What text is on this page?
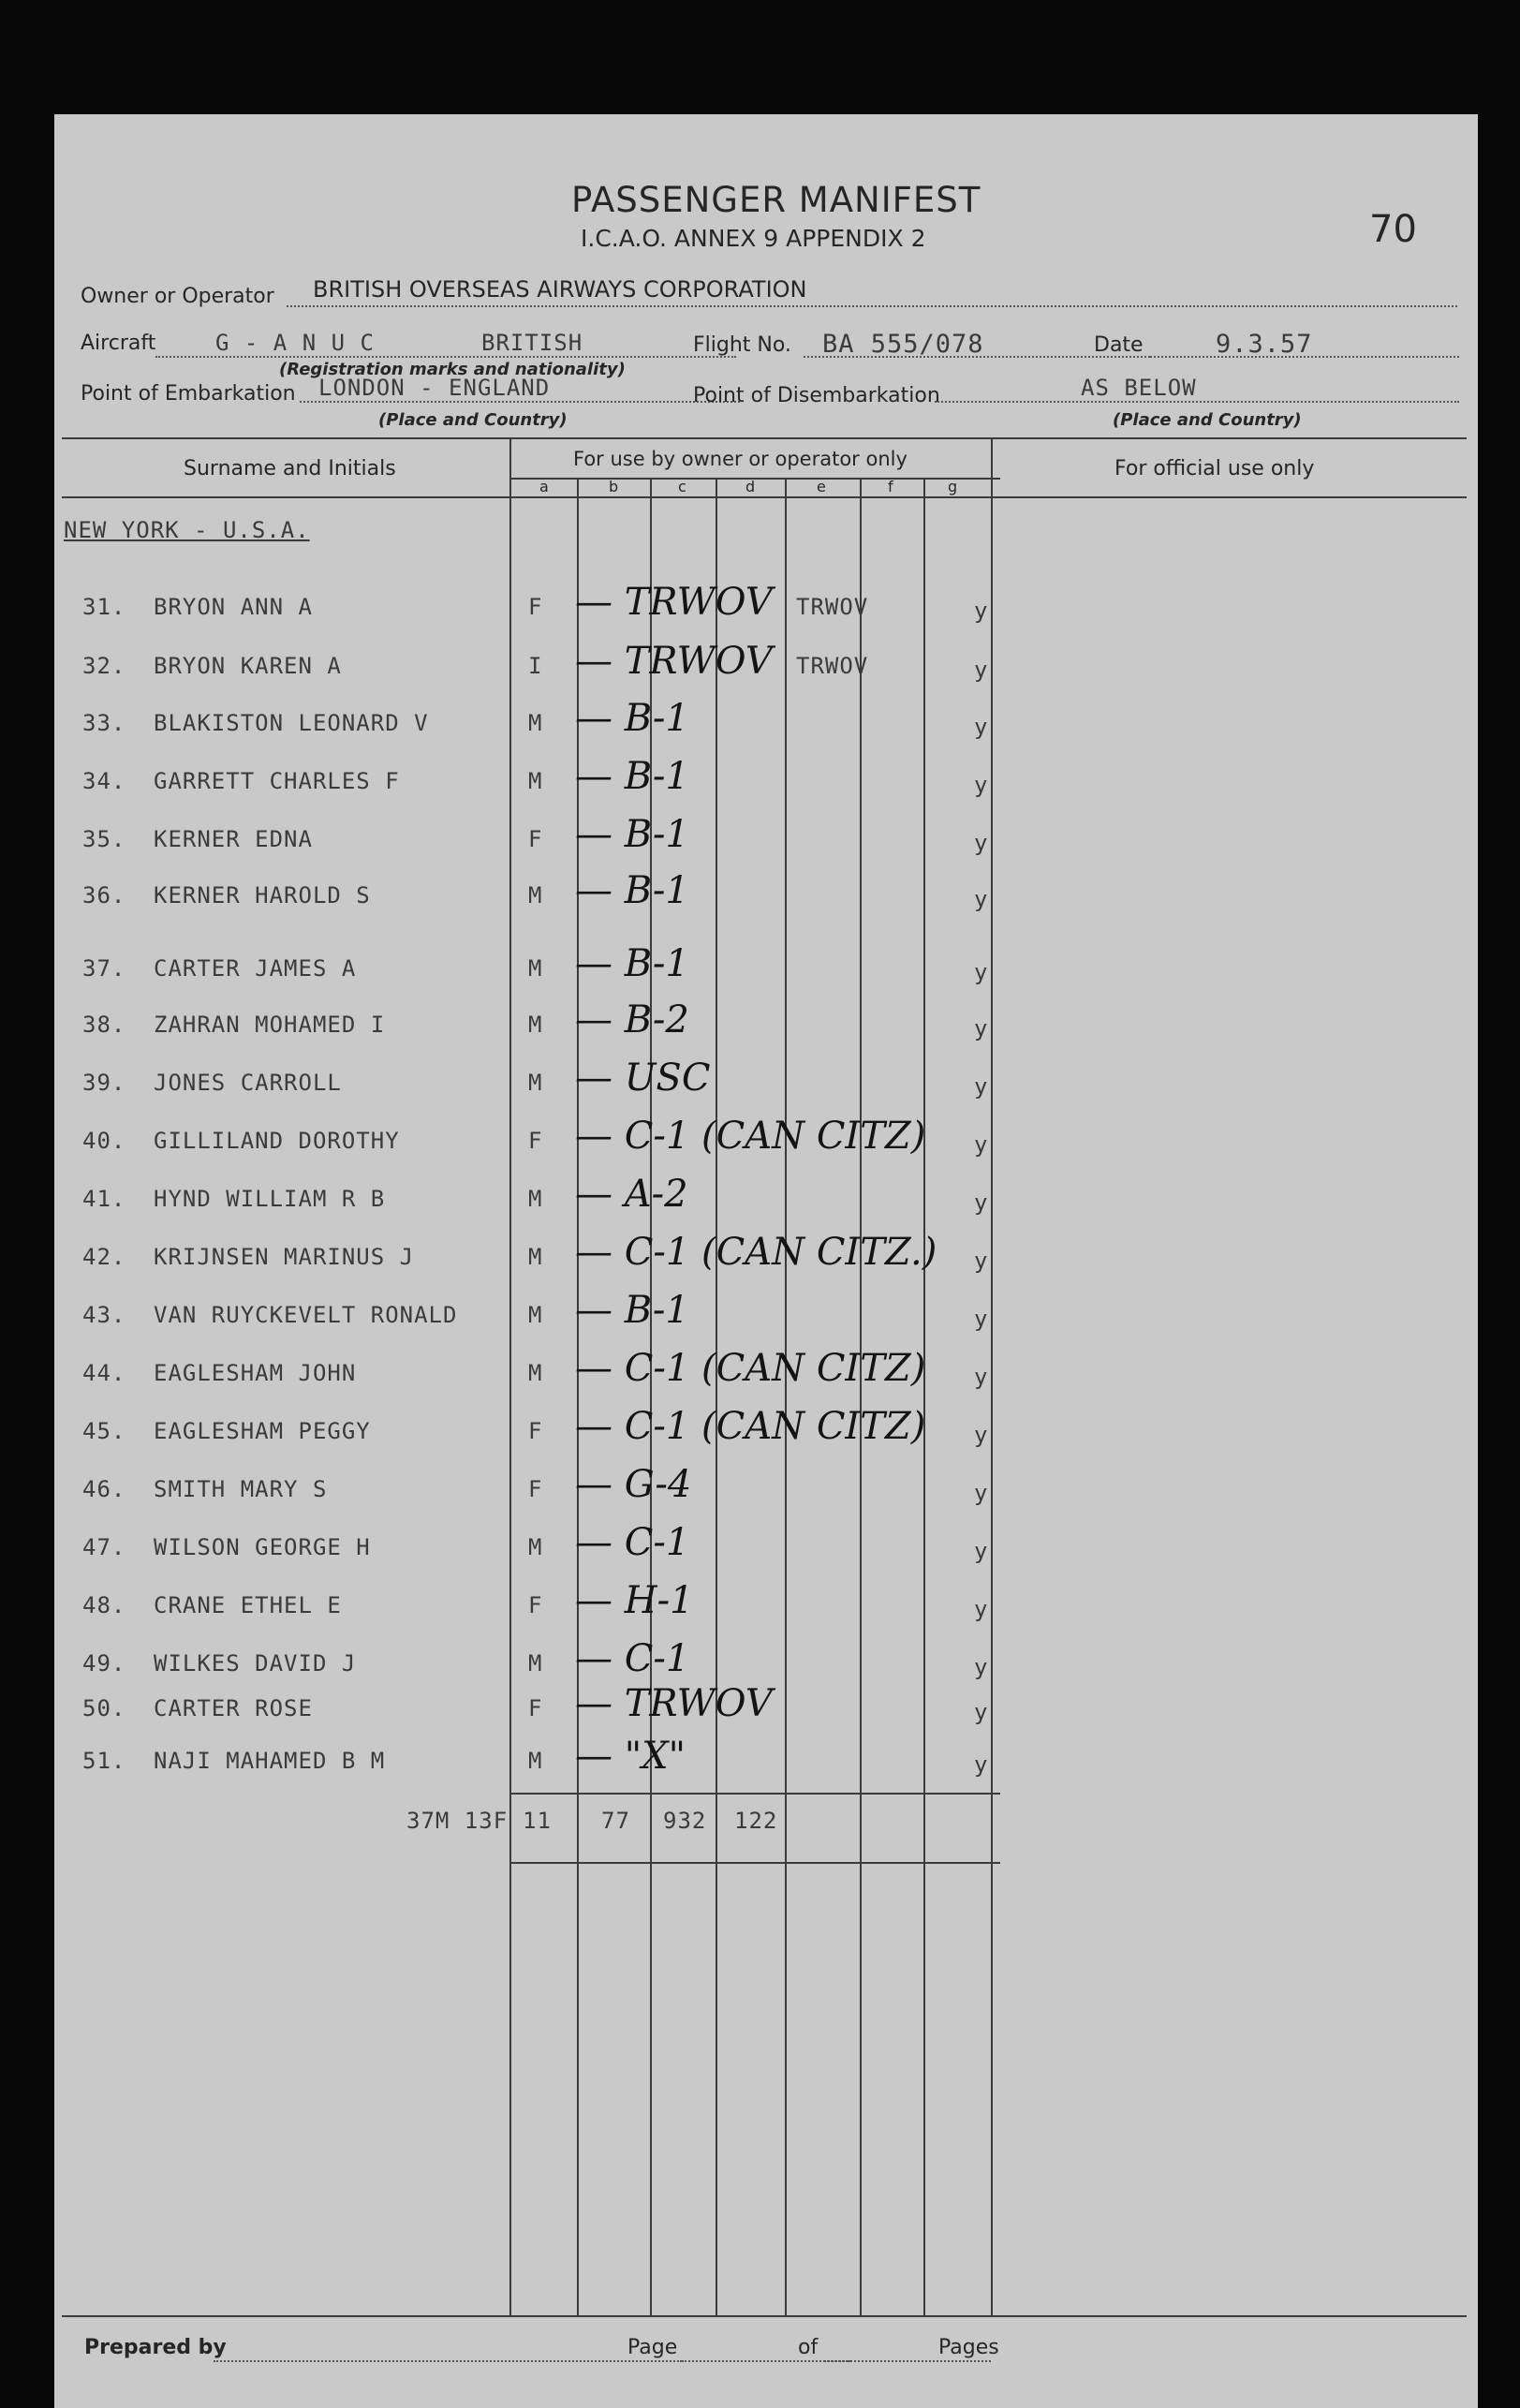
PASSENGER MANIFEST
I.C.A.O. ANNEX 9 APPENDIX 2	70
Owner or Operator BRITISH OVERSEAS AIRWAYS CORPORATION
Aircraft	G - A N U C	BRITISH
(Registration marks and nationality)
Flight No. BA 555/078	Date	9.3.57
Point of Embarkation LONDON - ENGLAND
(Place and Country)
Point of Disembarkation	AS BELOW
(Place and Country)
Surname and Initials	For use by owner or operator only	For official use only
a	b	c	d	e	f	g
NEW YORK - U.S.A.
31. BRYON ANN A	F — TRWOV TRWOV	y
32. BRYON KAREN A	I — TRWOV TRWOV	y
33. BLAKISTON LEONARD V	M — B-1	y
34. GARRETT CHARLES F	M — B-1	y
35. KERNER EDNA	F — B-1	y
36. KERNER HAROLD S	M — B-1	y
37. CARTER JAMES A	M — B-1	y
38. ZAHRAN MOHAMED I	M — B-2	y
39. JONES CARROLL	M — USC	y
40. GILLILAND DOROTHY	F — C-1 (CAN CITZ) y
41. HYND WILLIAM R B	M — A-2	y
42. KRIJNSEN MARINUS J	M — C-1 (CAN CITZ.) y
43. VAN RUYCKEVELT RONALD	M — B-1	y
44. EAGLESHAM JOHN	M — C-1 (CAN CITZ) y
45. EAGLESHAM PEGGY	F — C-1 (CAN CITZ) y
46. SMITH MARY S	F — G-4	y
47. WILSON GEORGE H	M — C-1	y
48. CRANE ETHEL E	F — H-1	y
49. WILKES DAVID J	M — C-1	y
50. CARTER ROSE	F — TRWOV	y
51. NAJI MAHAMED B M	M — "X"	y
37M 13F 11 77 932 122
Prepared by	Page	of	Pages
